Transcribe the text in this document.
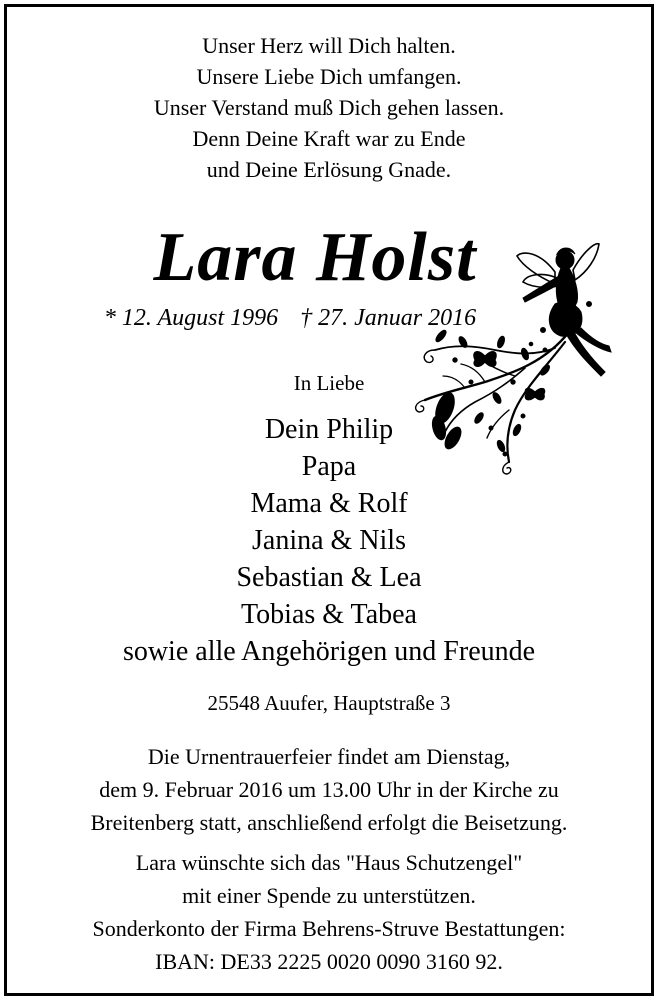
Unser Herz will Dich halten.
Unsere Liebe Dich umfangen.
Unser Verstand muß Dich gehen lassen.
Denn Deine Kraft war zu Ende
und Deine Erlösung Gnade.
Lara Holst
* 12. August 1996 † 27. Januar 2016
In Liebe
Dein Philip
Papa
Mama & Rolf
Janina & Nils
Sebastian & Lea
Tobias & Tabea
sowie alle Angehörigen und Freunde
25548 Auufer, Hauptstraße 3
Die Urnentrauerfeier findet am Dienstag,
dem 9. Februar 2016 um 13.00 Uhr in der Kirche zu
Breitenberg statt, anschließend erfolgt die Beisetzung.
Lara wünschte sich das "Haus Schutzengel"
mit einer Spende zu unterstützen.
Sonderkonto der Firma Behrens-Struve Bestattungen:
IBAN: DE33 2225 0020 0090 3160 92.
